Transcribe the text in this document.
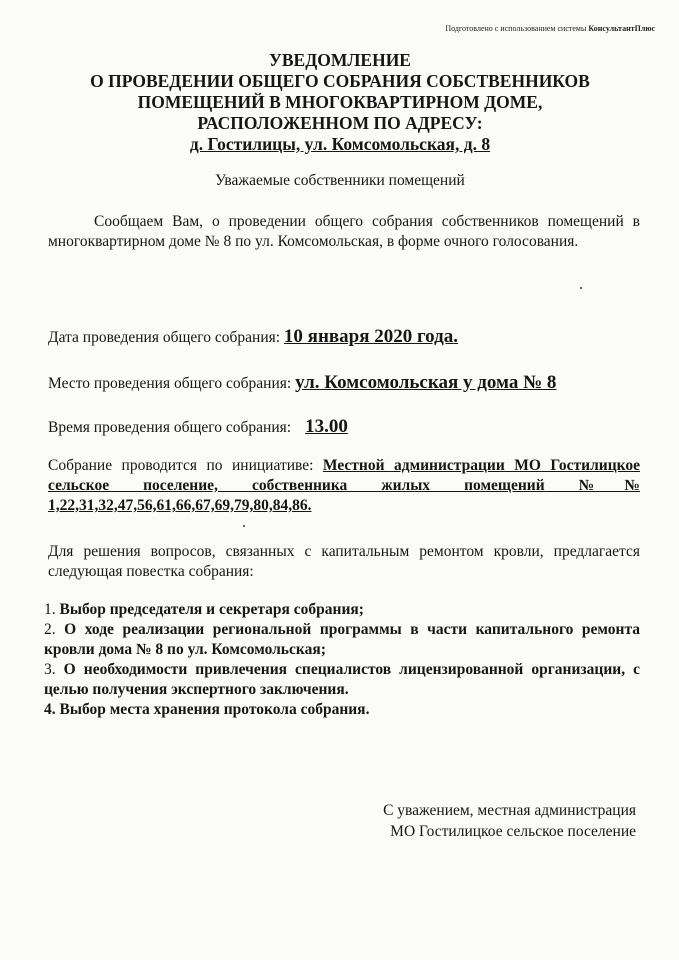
Подготовлено с использованием системы КонсультантПлюс
УВЕДОМЛЕНИЕ
О ПРОВЕДЕНИИ ОБЩЕГО СОБРАНИЯ СОБСТВЕННИКОВ
ПОМЕЩЕНИЙ В МНОГОКВАРТИРНОМ ДОМЕ,
РАСПОЛОЖЕННОМ ПО АДРЕСУ:
д. Гостилицы, ул. Комсомольская, д. 8
Уважаемые собственники помещений
Сообщаем Вам, о проведении общего собрания собственников помещений в многоквартирном доме № 8 по ул. Комсомольская, в форме очного голосования.
Дата проведения общего собрания: 10 января 2020 года.
Место проведения общего собрания: ул. Комсомольская у дома № 8
Время проведения общего собрания: 13.00
Собрание проводится по инициативе: Местной администрации МО Гостилицкое сельское поселение, собственника жилых помещений №№ 1,22,31,32,47,56,61,66,67,69,79,80,84,86.
Для решения вопросов, связанных с капитальным ремонтом кровли, предлагается следующая повестка собрания:

1. Выбор председателя и секретаря собрания;

2. О ходе реализации региональной программы в части капитального ремонта кровли дома № 8 по ул. Комсомольская;

3. О необходимости привлечения специалистов лицензированной организации, с целью получения экспертного заключения.

4. Выбор места хранения протокола собрания.

С уважением, местная администрация
МО Гостилицкое сельское поселение
